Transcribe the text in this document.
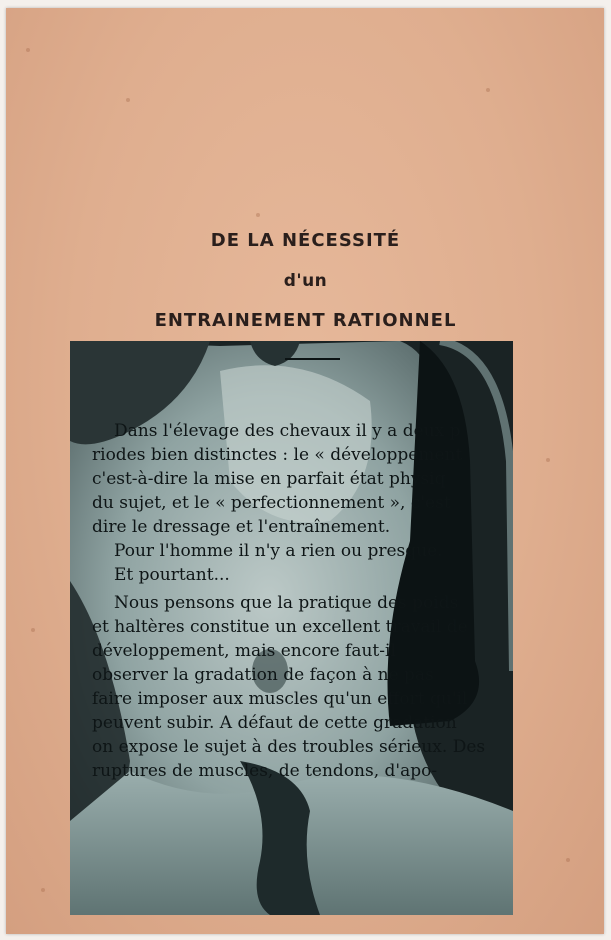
DE LA NÉCESSITÉ
d'un
ENTRAINEMENT RATIONNEL
Dans l'élevage des chevaux il y a deux p
riodes bien distinctes : le « développement
c'est-à-dire la mise en parfait état physiq
du sujet, et le « perfectionnement », c'est
dire le dressage et l'entraînement.
Pour l'homme il n'y a rien ou presque.
Et pourtant...
Nous pensons que la pratique des poids
et haltères constitue un excellent travail de
développement, mais encore faut-il
observer la gradation de façon à ne pas
faire imposer aux muscles qu'un effort qu'il
peuvent subir. A défaut de cette gradation
on expose le sujet à des troubles sérieux. Des
ruptures de muscles, de tendons, d'apo-
